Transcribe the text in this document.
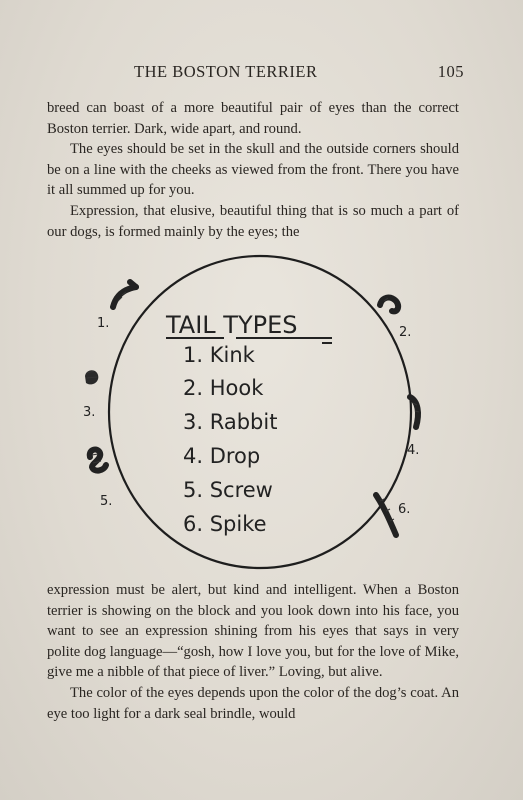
THE BOSTON TERRIER	105

breed can boast of a more beautiful pair of eyes than the correct Boston terrier. Dark, wide apart, and round.

The eyes should be set in the skull and the outside corners should be on a line with the cheeks as viewed from the front. There you have it all summed up for you.

Expression, that elusive, beautiful thing that is so much a part of our dogs, is formed mainly by the eyes; the

TAIL TYPES
1. Kink
2. Hook
3. Rabbit
4. Drop
5. Screw
6. Spike
1.
2.
3.
4.
5.
6.

expression must be alert, but kind and intelligent. When a Boston terrier is showing on the block and you look down into his face, you want to see an expression shining from his eyes that says in very polite dog language—“gosh, how I love you, but for the love of Mike, give me a nibble of that piece of liver.” Loving, but alive.

The color of the eyes depends upon the color of the dog’s coat. An eye too light for a dark seal brindle, would
